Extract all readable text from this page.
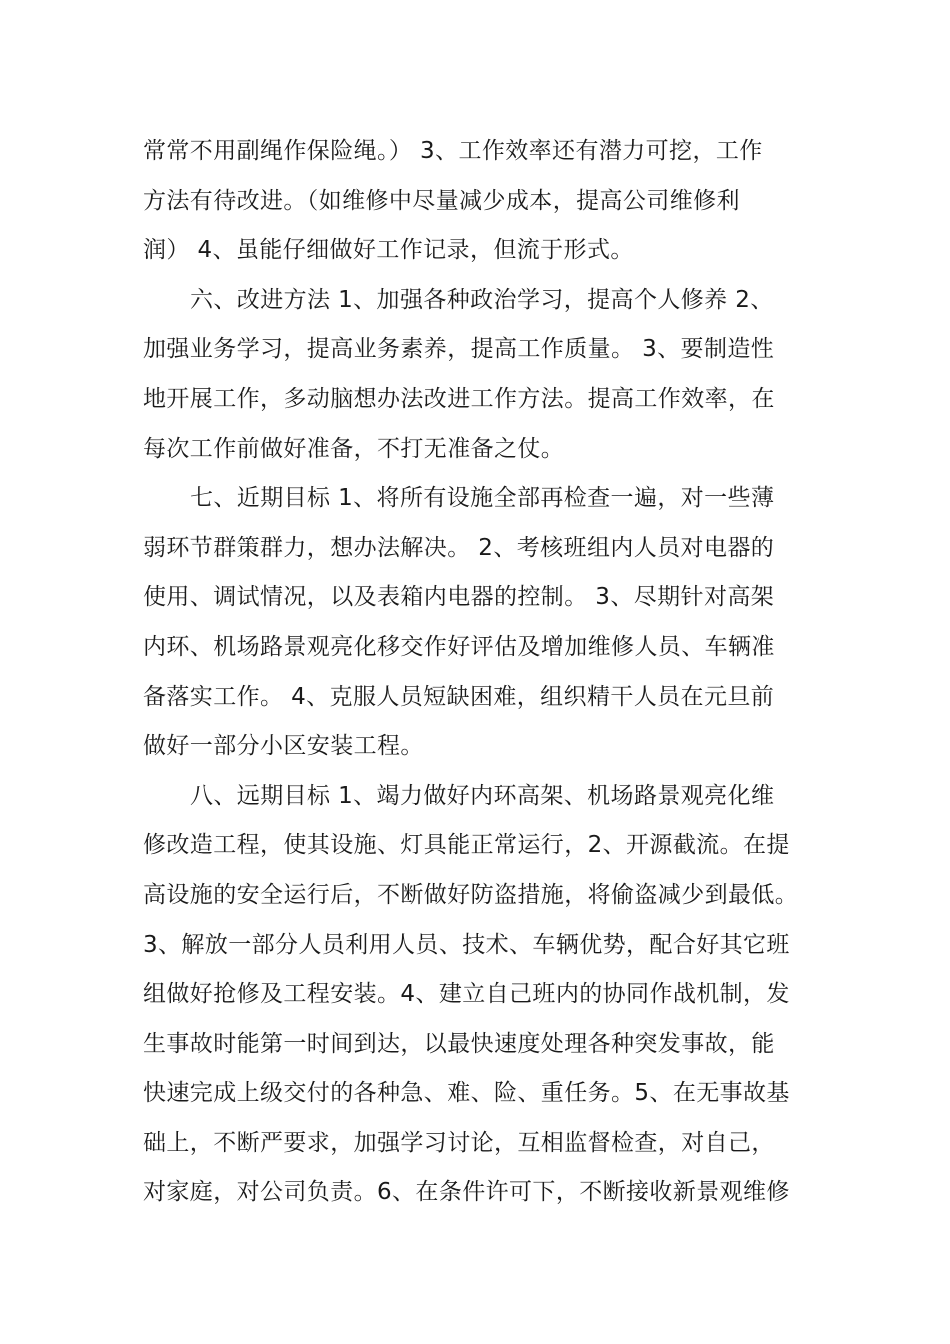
常常不用副绳作保险绳。） 3、工作效率还有潜力可挖，工作
方法有待改进。（如维修中尽量减少成本，提高公司维修利
润） 4、虽能仔细做好工作记录，但流于形式。
六、改进方法 1、加强各种政治学习，提高个人修养 2、
加强业务学习，提高业务素养，提高工作质量。 3、要制造性
地开展工作，多动脑想办法改进工作方法。提高工作效率，在
每次工作前做好准备，不打无准备之仗。
七、近期目标 1、将所有设施全部再检查一遍，对一些薄
弱环节群策群力，想办法解决。 2、考核班组内人员对电器的
使用、调试情况，以及表箱内电器的控制。 3、尽期针对高架
内环、机场路景观亮化移交作好评估及增加维修人员、车辆准
备落实工作。 4、克服人员短缺困难，组织精干人员在元旦前
做好一部分小区安装工程。
八、远期目标 1、竭力做好内环高架、机场路景观亮化维
修改造工程，使其设施、灯具能正常运行，2、开源截流。在提
高设施的安全运行后，不断做好防盗措施，将偷盗减少到最低。
3、解放一部分人员利用人员、技术、车辆优势，配合好其它班
组做好抢修及工程安装。4、建立自己班内的协同作战机制，发
生事故时能第一时间到达，以最快速度处理各种突发事故，能
快速完成上级交付的各种急、难、险、重任务。5、在无事故基
础上，不断严要求，加强学习讨论，互相监督检查，对自己，
对家庭，对公司负责。6、在条件许可下，不断接收新景观维修
